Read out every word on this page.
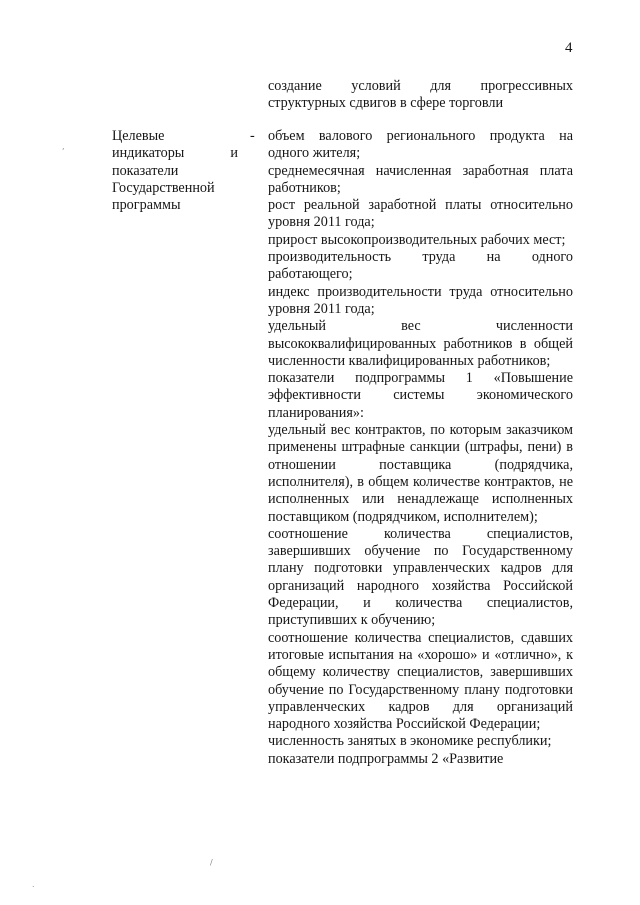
4
создание условий для прогрессивных структурных сдвигов в сфере торговли
Целевые индикаторы и показатели Государственной программы
- объем валового регионального продукта на одного жителя;

среднемесячная начисленная заработная плата работников;

рост реальной заработной платы относительно уровня 2011 года;

прирост высокопроизводительных рабочих мест;

производительность труда на одного работающего;

индекс производительности труда относительно уровня 2011 года;

удельный вес численности высококвалифицированных работников в общей численности квалифицированных работников;

показатели подпрограммы 1 «Повышение эффективности системы экономического планирования»:

удельный вес контрактов, по которым заказчиком применены штрафные санкции (штрафы, пени) в отношении поставщика (подрядчика, исполнителя), в общем количестве контрактов, не исполненных или ненадлежаще исполненных поставщиком (подрядчиком, исполнителем);

соотношение количества специалистов, завершивших обучение по Государственному плану подготовки управленческих кадров для организаций народного хозяйства Российской Федерации, и количества специалистов, приступивших к обучению;

соотношение количества специалистов, сдавших итоговые испытания на «хорошо» и «отлично», к общему количеству специалистов, завершивших обучение по Государственному плану подготовки управленческих кадров для организаций народного хозяйства Российской Федерации;

численность занятых в экономике республики;

показатели подпрограммы 2 «Развитие

,
/
.
